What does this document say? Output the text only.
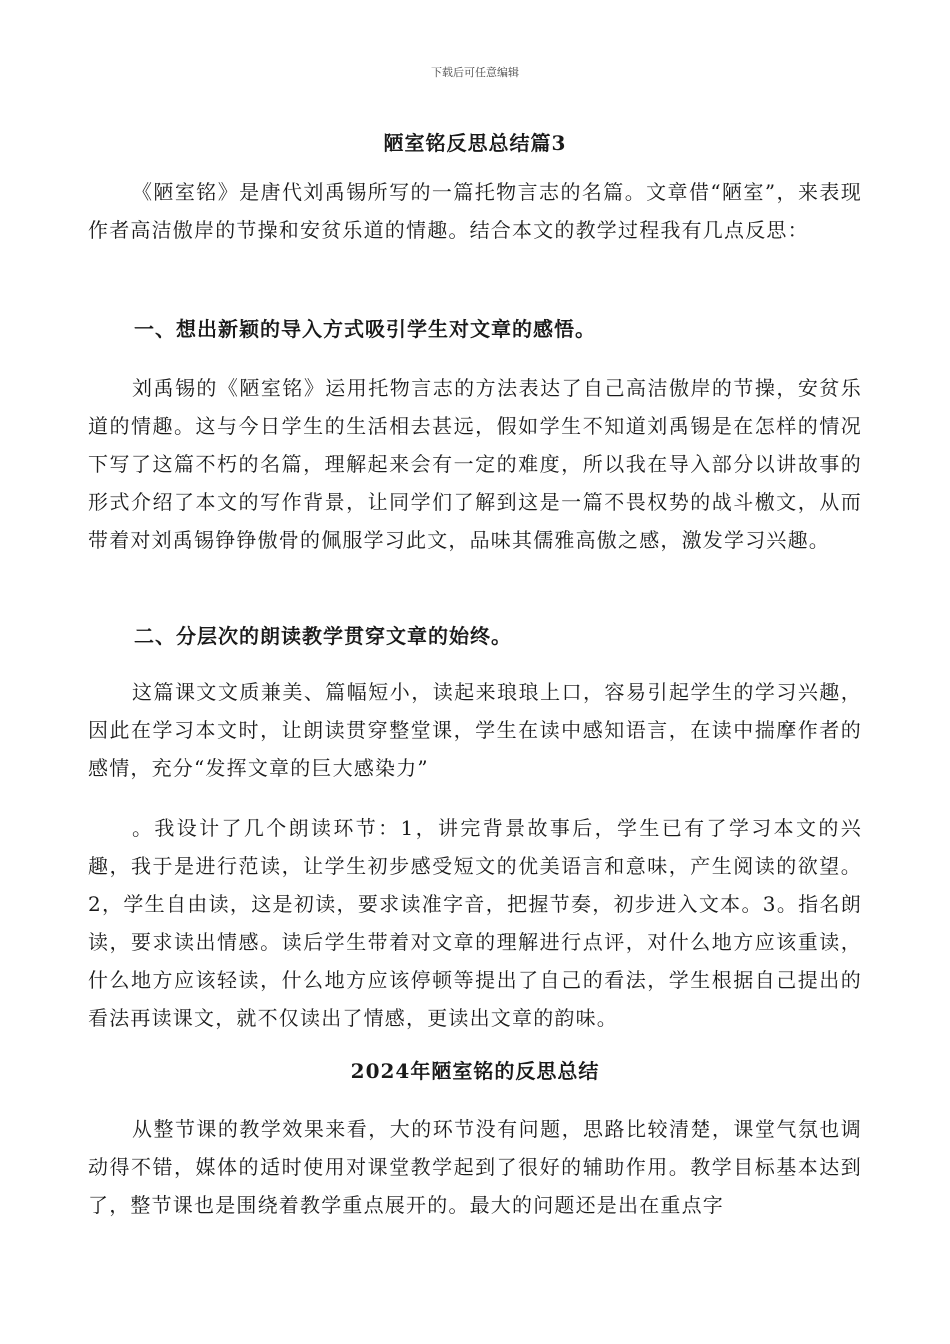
下载后可任意编辑
陋室铭反思总结篇3

《陋室铭》是唐代刘禹锡所写的一篇托物言志的名篇。文章借“陋室”，来表现作者高洁傲岸的节操和安贫乐道的情趣。结合本文的教学过程我有几点反思：

一、想出新颖的导入方式吸引学生对文章的感悟。

刘禹锡的《陋室铭》运用托物言志的方法表达了自己高洁傲岸的节操，安贫乐道的情趣。这与今日学生的生活相去甚远，假如学生不知道刘禹锡是在怎样的情况下写了这篇不朽的名篇，理解起来会有一定的难度，所以我在导入部分以讲故事的形式介绍了本文的写作背景，让同学们了解到这是一篇不畏权势的战斗檄文，从而带着对刘禹锡铮铮傲骨的佩服学习此文，品味其儒雅高傲之感，激发学习兴趣。

二、分层次的朗读教学贯穿文章的始终。

这篇课文文质兼美、篇幅短小，读起来琅琅上口，容易引起学生的学习兴趣，因此在学习本文时，让朗读贯穿整堂课，学生在读中感知语言，在读中揣摩作者的感情，充分“发挥文章的巨大感染力”

。我设计了几个朗读环节：1，讲完背景故事后，学生已有了学习本文的兴趣，我于是进行范读，让学生初步感受短文的优美语言和意味，产生阅读的欲望。2，学生自由读，这是初读，要求读准字音，把握节奏，初步进入文本。3。指名朗读，要求读出情感。读后学生带着对文章的理解进行点评，对什么地方应该重读，什么地方应该轻读，什么地方应该停顿等提出了自己的看法，学生根据自己提出的看法再读课文，就不仅读出了情感，更读出文章的韵味。

2024年陋室铭的反思总结

从整节课的教学效果来看，大的环节没有问题，思路比较清楚，课堂气氛也调动得不错，媒体的适时使用对课堂教学起到了很好的辅助作用。教学目标基本达到了，整节课也是围绕着教学重点展开的。最大的问题还是出在重点字
